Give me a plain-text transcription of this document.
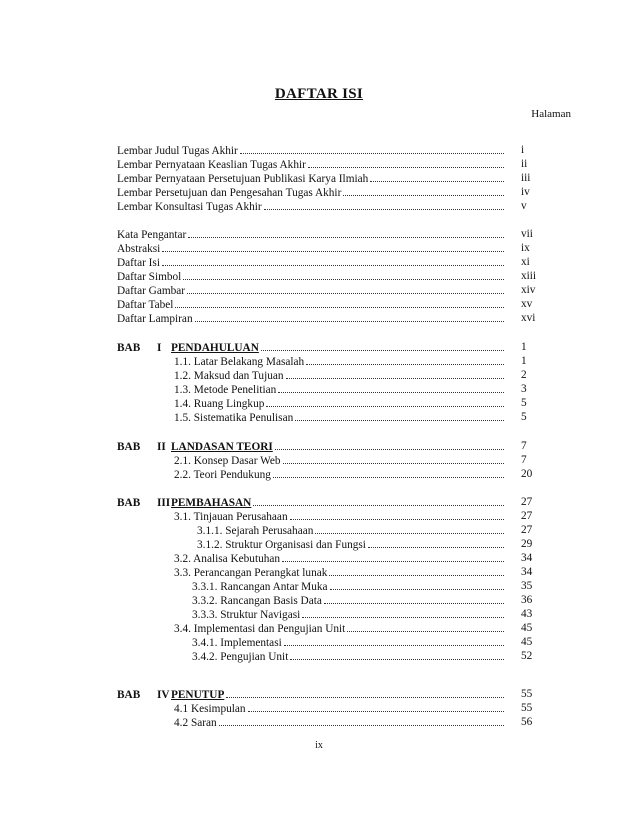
DAFTAR ISI
Halaman
Lembar Judul Tugas Akhir	i
Lembar Pernyataan Keaslian Tugas Akhir	ii
Lembar Pernyataan Persetujuan Publikasi Karya Ilmiah	iii
Lembar Persetujuan dan Pengesahan Tugas Akhir	iv
Lembar Konsultasi Tugas Akhir	v
Kata Pengantar	vii
Abstraksi	ix
Daftar Isi	xi
Daftar Simbol	xiii
Daftar Gambar	xiv
Daftar Tabel	xv
Daftar Lampiran	xvi
BAB	I PENDAHULUAN	1
1.1. Latar Belakang Masalah	1
1.2. Maksud dan Tujuan	2
1.3. Metode Penelitian	3
1.4. Ruang Lingkup	5
1.5. Sistematika Penulisan	5
BAB	II LANDASAN TEORI	7
2.1. Konsep Dasar Web	7
2.2. Teori Pendukung	20
BAB	III PEMBAHASAN	27
3.1. Tinjauan Perusahaan	27
3.1.1. Sejarah Perusahaan	27
3.1.2. Struktur Organisasi dan Fungsi	29
3.2. Analisa Kebutuhan	34
3.3. Perancangan Perangkat lunak	34
3.3.1. Rancangan Antar Muka	35
3.3.2. Rancangan Basis Data	36
3.3.3. Struktur Navigasi	43
3.4. Implementasi dan Pengujian Unit	45
3.4.1. Implementasi	45
3.4.2. Pengujian Unit	52
BAB	IV PENUTUP	55
4.1 Kesimpulan	55
4.2 Saran	56
ix
